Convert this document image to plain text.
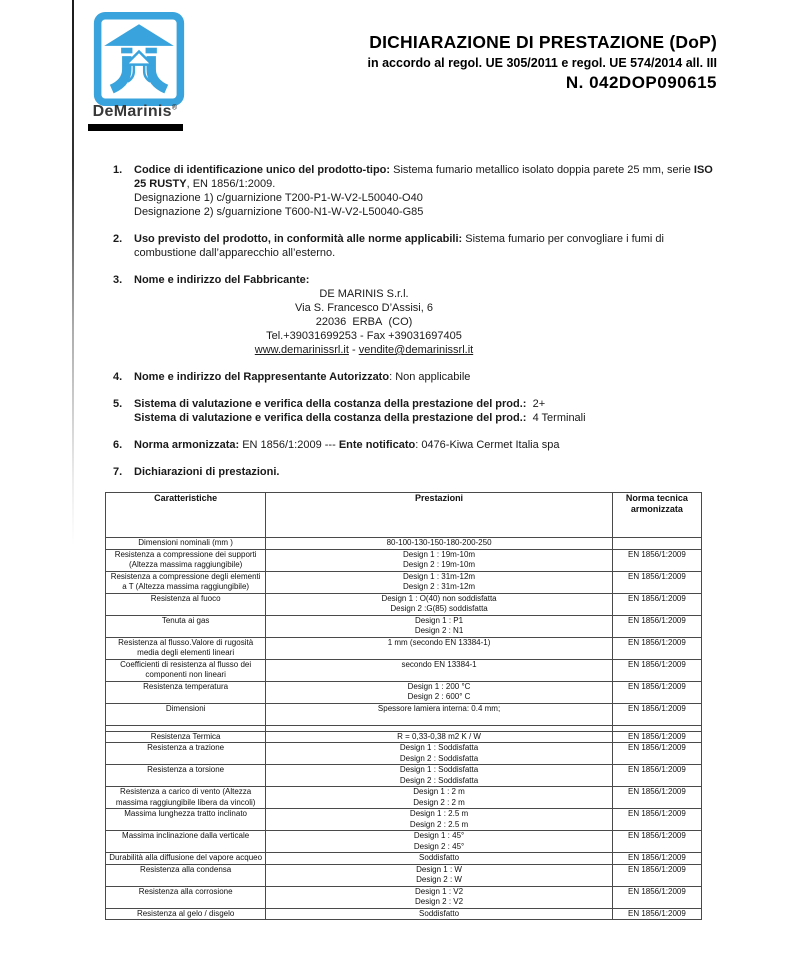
DeMarinis®
DICHIARAZIONE DI PRESTAZIONE (DoP)
in accordo al regol. UE 305/2011 e regol. UE 574/2014 all. III
N. 042DOP090615
1.	Codice di identificazione unico del prodotto-tipo: Sistema fumario metallico isolato doppia parete 25 mm, serie ISO 25 RUSTY, EN 1856/1:2009.
Designazione 1) c/guarnizione T200-P1-W-V2-L50040-O40
Designazione 2) s/guarnizione T600-N1-W-V2-L50040-G85
2.	Uso previsto del prodotto, in conformità alle norme applicabili: Sistema fumario per convogliare i fumi di combustione dall’apparecchio all’esterno.
3.	Nome e indirizzo del Fabbricante:
DE MARINIS S.r.l.
Via S. Francesco D’Assisi, 6
22036  ERBA  (CO)
Tel.+39031699253 - Fax +39031697405
www.demarinissrl.it - vendite@demarinissrl.it
4.	Nome e indirizzo del Rappresentante Autorizzato: Non applicabile
5.	Sistema di valutazione e verifica della costanza della prestazione del prod.:  2+
Sistema di valutazione e verifica della costanza della prestazione del prod.:  4 Terminali
6.	Norma armonizzata: EN 1856/1:2009 --- Ente notificato: 0476-Kiwa Cermet Italia spa
7.	Dichiarazioni di prestazioni.
Caratteristiche	Prestazioni	Norma tecnica
armonizzata

Dimensioni nominali (mm )	80-100-130-150-180-200-250	

Resistenza a compressione dei supporti (Altezza massima raggiungibile)	Design 1 : 19m-10m
Design 2 : 19m-10m	EN 1856/1:2009
Resistenza a compressione degli elementi a T (Altezza massima raggiungibile)	Design 1 : 31m-12m
Design 2 : 31m-12m	EN 1856/1:2009
Resistenza al fuoco	Design 1 : O(40) non soddisfatta
Design 2 :G(85) soddisfatta	EN 1856/1:2009
Tenuta ai gas	Design 1 : P1
Design 2 : N1	EN 1856/1:2009
Resistenza al flusso.Valore di rugosità media degli elementi lineari	1 mm (secondo EN 13384-1)	EN 1856/1:2009
Coefficienti di resistenza al flusso dei componenti non lineari	secondo EN 13384-1	EN 1856/1:2009
Resistenza temperatura	Design 1 : 200 °C
Design 2 : 600° C	EN 1856/1:2009
Dimensioni	Spessore lamiera interna: 0.4 mm;	EN 1856/1:2009

Resistenza Termica	R = 0,33-0,38 m2 K / W	EN 1856/1:2009
Resistenza a trazione	Design 1 : Soddisfatta
Design 2 : Soddisfatta	EN 1856/1:2009
Resistenza a torsione	Design 1 : Soddisfatta
Design 2 : Soddisfatta	EN 1856/1:2009
Resistenza a carico di vento (Altezza massima raggiungibile libera da vincoli)	Design 1 : 2 m
Design 2 : 2 m	EN 1856/1:2009
Massima lunghezza tratto inclinato	Design 1 : 2.5 m
Design 2 : 2.5 m	EN 1856/1:2009
Massima inclinazione dalla verticale	Design 1 : 45°
Design 2 : 45°	EN 1856/1:2009
Durabilità alla diffusione del vapore acqueo	Soddisfatto	EN 1856/1:2009
Resistenza alla condensa	Design 1 : W
Design 2 : W	EN 1856/1:2009
Resistenza alla corrosione	Design 1 : V2
Design 2 : V2	EN 1856/1:2009
Resistenza al gelo / disgelo	Soddisfatto	EN 1856/1:2009
